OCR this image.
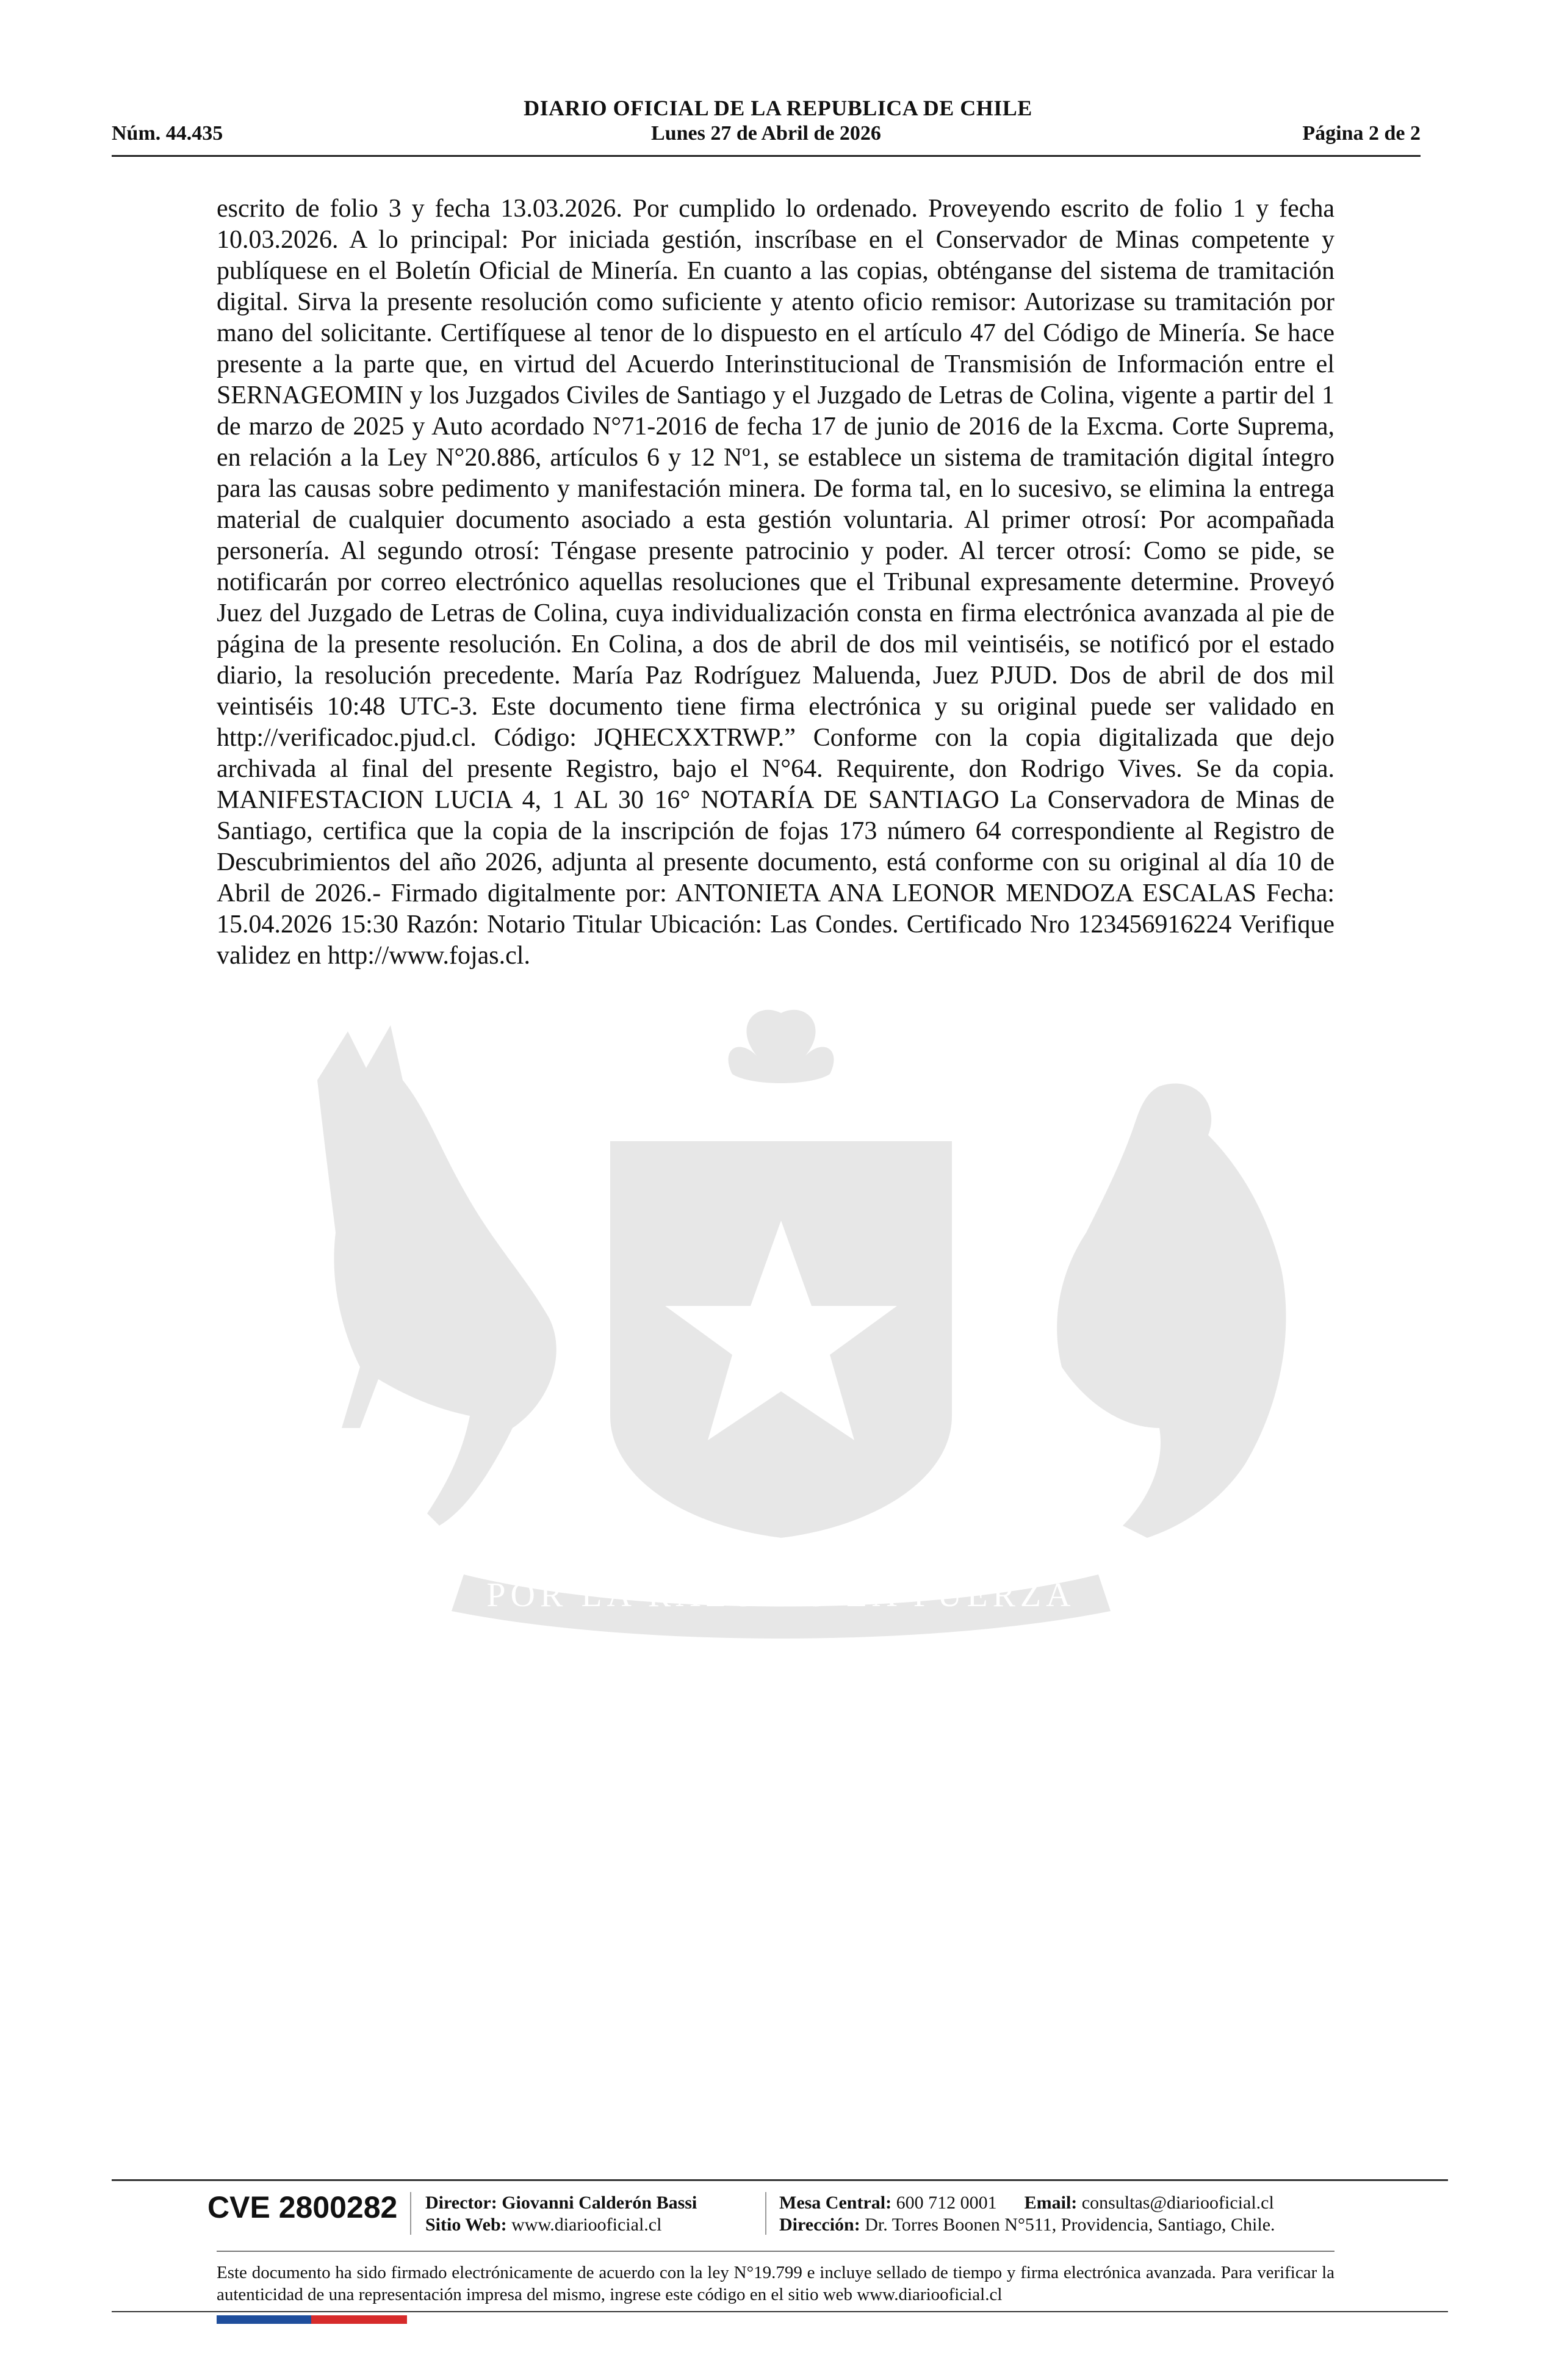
DIARIO OFICIAL DE LA REPUBLICA DE CHILE
Núm. 44.435	Lunes 27 de Abril de 2026	Página 2 de 2
POR LA RAZON O LA FUERZA
escrito de folio 3 y fecha 13.03.2026. Por cumplido lo ordenado. Proveyendo escrito de folio 1 y fecha 10.03.2026. A lo principal: Por iniciada gestión, inscríbase en el Conservador de Minas competente y publíquese en el Boletín Oficial de Minería. En cuanto a las copias, obténganse del sistema de tramitación digital. Sirva la presente resolución como suficiente y atento oficio remisor: Autorizase su tramitación por mano del solicitante. Certifíquese al tenor de lo dispuesto en el artículo 47 del Código de Minería. Se hace presente a la parte que, en virtud del Acuerdo Interinstitucional de Transmisión de Información entre el SERNAGEOMIN y los Juzgados Civiles de Santiago y el Juzgado de Letras de Colina, vigente a partir del 1 de marzo de 2025 y Auto acordado N°71-2016 de fecha 17 de junio de 2016 de la Excma. Corte Suprema, en relación a la Ley N°20.886, artículos 6 y 12 Nº1, se establece un sistema de tramitación digital íntegro para las causas sobre pedimento y manifestación minera. De forma tal, en lo sucesivo, se elimina la entrega material de cualquier documento asociado a esta gestión voluntaria. Al primer otrosí: Por acompañada personería. Al segundo otrosí: Téngase presente patrocinio y poder. Al tercer otrosí: Como se pide, se notificarán por correo electrónico aquellas resoluciones que el Tribunal expresamente determine. Proveyó Juez del Juzgado de Letras de Colina, cuya individualización consta en firma electrónica avanzada al pie de página de la presente resolución. En Colina, a dos de abril de dos mil veintiséis, se notificó por el estado diario, la resolución precedente. María Paz Rodríguez Maluenda, Juez PJUD. Dos de abril de dos mil veintiséis 10:48 UTC-3. Este documento tiene firma electrónica y su original puede ser validado en http://verificadoc.pjud.cl. Código: JQHECXXTRWP.” Conforme con la copia digitalizada que dejo archivada al final del presente Registro, bajo el N°64. Requirente, don Rodrigo Vives. Se da copia. MANIFESTACION LUCIA 4, 1 AL 30 16° NOTARÍA DE SANTIAGO La Conservadora de Minas de Santiago, certifica que la copia de la inscripción de fojas 173 número 64 correspondiente al Registro de Descubrimientos del año 2026, adjunta al presente documento, está conforme con su original al día 10 de Abril de 2026.- Firmado digitalmente por: ANTONIETA ANA LEONOR MENDOZA ESCALAS Fecha: 15.04.2026 15:30 Razón: Notario Titular Ubicación: Las Condes. Certificado Nro 123456916224 Verifique validez en http://www.fojas.cl.
CVE 2800282 Director: Giovanni Calderón Bassi
Sitio Web: www.diariooficial.cl
Mesa Central: 600 712 0001 Email: consultas@diariooficial.cl
Dirección: Dr. Torres Boonen N°511, Providencia, Santiago, Chile.
Este documento ha sido firmado electrónicamente de acuerdo con la ley N°19.799 e incluye sellado de tiempo y firma electrónica avanzada. Para verificar la autenticidad de una representación impresa del mismo, ingrese este código en el sitio web www.diariooficial.cl
